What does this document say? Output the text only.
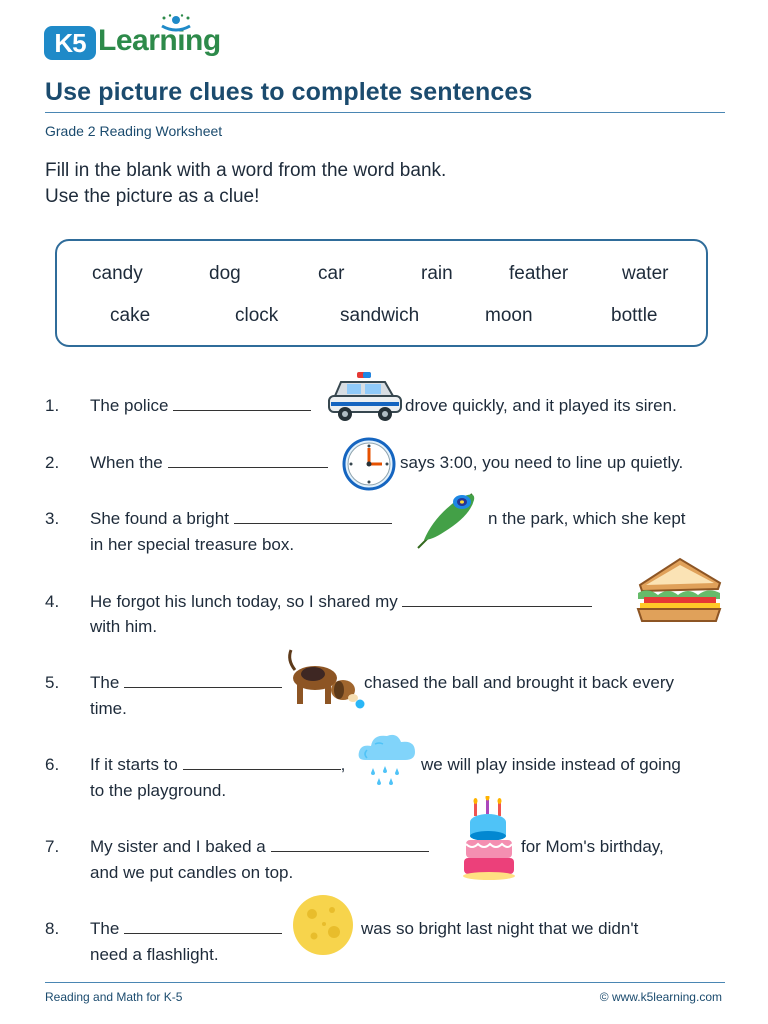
K5 Learning
Use picture clues to complete sentences
Grade 2 Reading Worksheet
Fill in the blank with a word from the word bank.
Use the picture as a clue!
candy	dog	car	rain	feather	water
cake	clock	sandwich	moon	bottle
1. The police	drove quickly, and it played its siren.
2. When the	says 3:00, you need to line up quietly.
3. She found a bright	n the park, which she kept
in her special treasure box.
4. He forgot his lunch today, so I shared my
with him.
5. The	chased the ball and brought it back every
time.
6. If it starts to	,	we will play inside instead of going
to the playground.
7. My sister and I baked a	for Mom's birthday,
and we put candles on top.
8. The	was so bright last night that we didn't
need a flashlight.
Reading and Math for K-5	© www.k5learning.com
